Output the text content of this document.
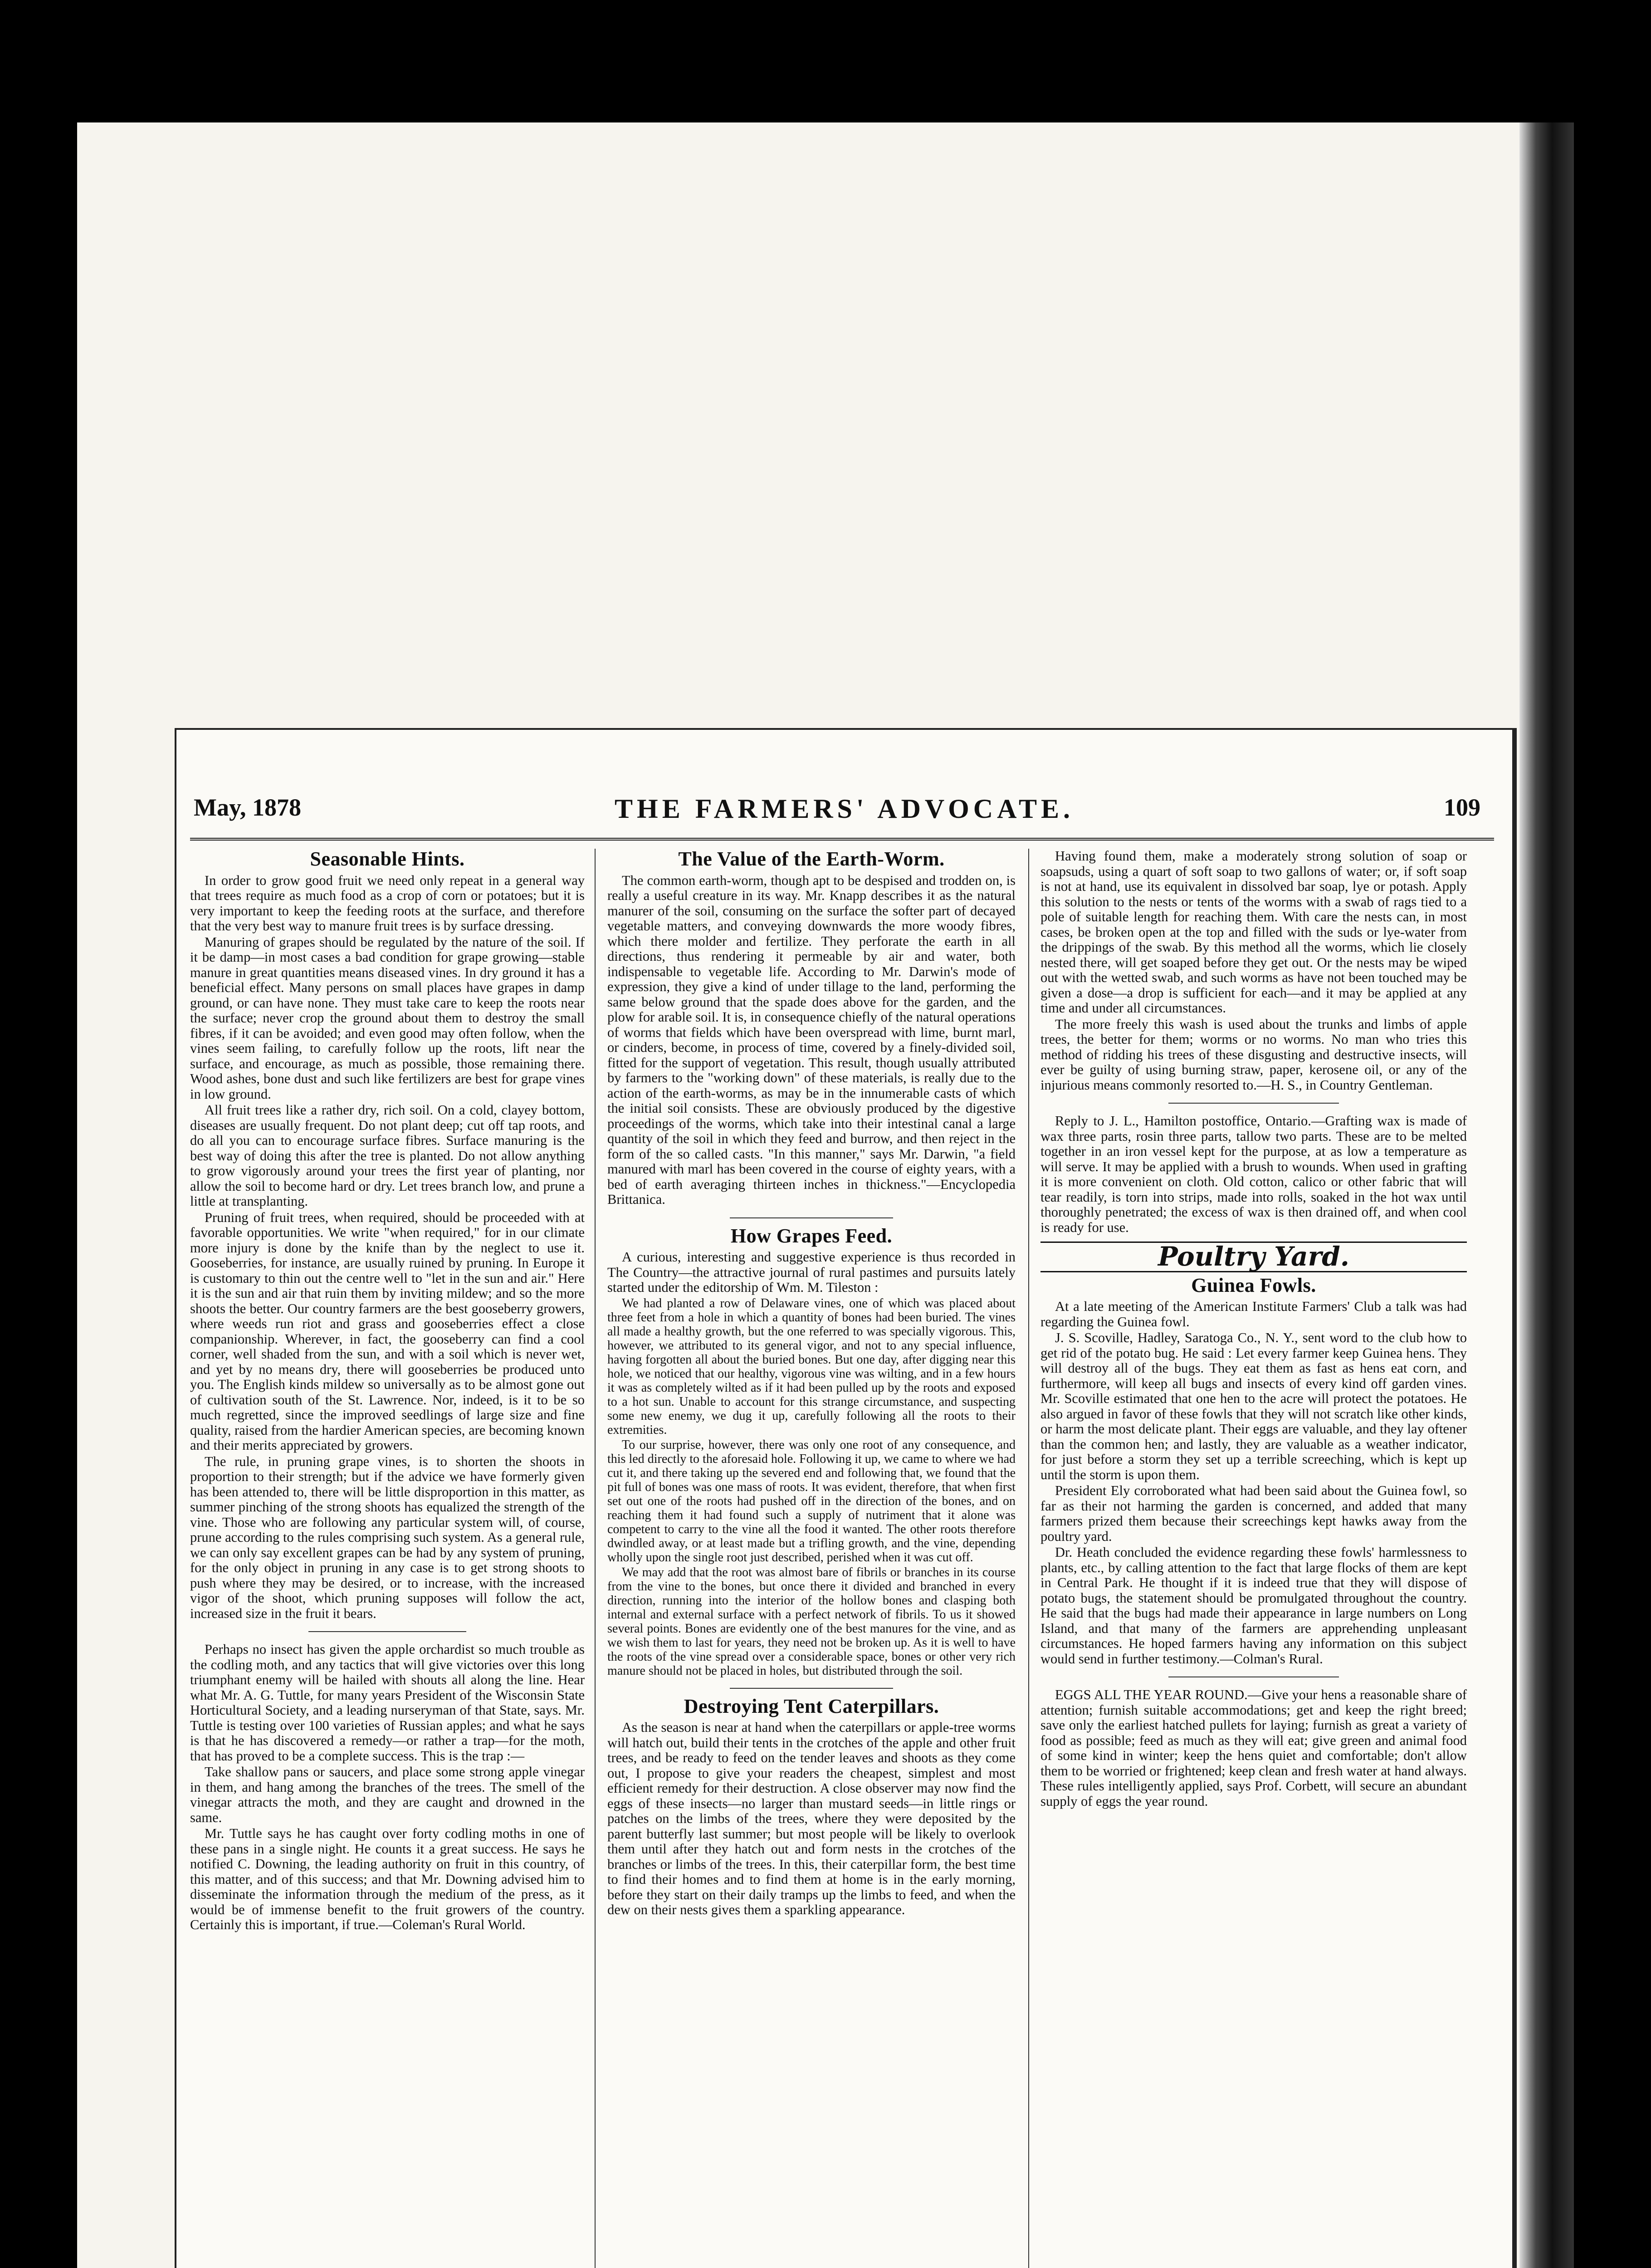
May, 1878	THE FARMERS' ADVOCATE.	109
Seasonable Hints.

In order to grow good fruit we need only repeat in a general way that trees require as much food as a crop of corn or potatoes; but it is very important to keep the feeding roots at the surface, and therefore that the very best way to manure fruit trees is by surface dressing.

Manuring of grapes should be regulated by the nature of the soil. If it be damp—in most cases a bad condition for grape growing—stable manure in great quantities means diseased vines. In dry ground it has a beneficial effect. Many persons on small places have grapes in damp ground, or can have none. They must take care to keep the roots near the surface; never crop the ground about them to destroy the small fibres, if it can be avoided; and even good may often follow, when the vines seem failing, to carefully follow up the roots, lift near the surface, and encourage, as much as possible, those remaining there. Wood ashes, bone dust and such like fertilizers are best for grape vines in low ground.

All fruit trees like a rather dry, rich soil. On a cold, clayey bottom, diseases are usually frequent. Do not plant deep; cut off tap roots, and do all you can to encourage surface fibres. Surface manuring is the best way of doing this after the tree is planted. Do not allow anything to grow vigorously around your trees the first year of planting, nor allow the soil to become hard or dry. Let trees branch low, and prune a little at transplanting.

Pruning of fruit trees, when required, should be proceeded with at favorable opportunities. We write "when required," for in our climate more injury is done by the knife than by the neglect to use it. Gooseberries, for instance, are usually ruined by pruning. In Europe it is customary to thin out the centre well to "let in the sun and air." Here it is the sun and air that ruin them by inviting mildew; and so the more shoots the better. Our country farmers are the best gooseberry growers, where weeds run riot and grass and gooseberries effect a close companionship. Wherever, in fact, the gooseberry can find a cool corner, well shaded from the sun, and with a soil which is never wet, and yet by no means dry, there will gooseberries be produced unto you. The English kinds mildew so universally as to be almost gone out of cultivation south of the St. Lawrence. Nor, indeed, is it to be so much regretted, since the improved seedlings of large size and fine quality, raised from the hardier American species, are becoming known and their merits appreciated by growers.

The rule, in pruning grape vines, is to shorten the shoots in proportion to their strength; but if the advice we have formerly given has been attended to, there will be little disproportion in this matter, as summer pinching of the strong shoots has equalized the strength of the vine. Those who are following any particular system will, of course, prune according to the rules comprising such system. As a general rule, we can only say excellent grapes can be had by any system of pruning, for the only object in pruning in any case is to get strong shoots to push where they may be desired, or to increase, with the increased vigor of the shoot, which pruning supposes will follow the act, increased size in the fruit it bears.

Perhaps no insect has given the apple orchardist so much trouble as the codling moth, and any tactics that will give victories over this long triumphant enemy will be hailed with shouts all along the line. Hear what Mr. A. G. Tuttle, for many years President of the Wisconsin State Horticultural Society, and a leading nurseryman of that State, says. Mr. Tuttle is testing over 100 varieties of Russian apples; and what he says is that he has discovered a remedy—or rather a trap—for the moth, that has proved to be a complete success. This is the trap :—

Take shallow pans or saucers, and place some strong apple vinegar in them, and hang among the branches of the trees. The smell of the vinegar attracts the moth, and they are caught and drowned in the same.

Mr. Tuttle says he has caught over forty codling moths in one of these pans in a single night. He counts it a great success. He says he notified C. Downing, the leading authority on fruit in this country, of this matter, and of this success; and that Mr. Downing advised him to disseminate the information through the medium of the press, as it would be of immense benefit to the fruit growers of the country. Certainly this is important, if true.—Coleman's Rural World.

The Value of the Earth-Worm.

The common earth-worm, though apt to be despised and trodden on, is really a useful creature in its way. Mr. Knapp describes it as the natural manurer of the soil, consuming on the surface the softer part of decayed vegetable matters, and conveying downwards the more woody fibres, which there molder and fertilize. They perforate the earth in all directions, thus rendering it permeable by air and water, both indispensable to vegetable life. According to Mr. Darwin's mode of expression, they give a kind of under tillage to the land, performing the same below ground that the spade does above for the garden, and the plow for arable soil. It is, in consequence chiefly of the natural operations of worms that fields which have been overspread with lime, burnt marl, or cinders, become, in process of time, covered by a finely-divided soil, fitted for the support of vegetation. This result, though usually attributed by farmers to the "working down" of these materials, is really due to the action of the earth-worms, as may be in the innumerable casts of which the initial soil consists. These are obviously produced by the digestive proceedings of the worms, which take into their intestinal canal a large quantity of the soil in which they feed and burrow, and then reject in the form of the so called casts. "In this manner," says Mr. Darwin, "a field manured with marl has been covered in the course of eighty years, with a bed of earth averaging thirteen inches in thickness."—Encyclopedia Brittanica.

How Grapes Feed.

A curious, interesting and suggestive experience is thus recorded in The Country—the attractive journal of rural pastimes and pursuits lately started under the editorship of Wm. M. Tileston :

We had planted a row of Delaware vines, one of which was placed about three feet from a hole in which a quantity of bones had been buried. The vines all made a healthy growth, but the one referred to was specially vigorous. This, however, we attributed to its general vigor, and not to any special influence, having forgotten all about the buried bones. But one day, after digging near this hole, we noticed that our healthy, vigorous vine was wilting, and in a few hours it was as completely wilted as if it had been pulled up by the roots and exposed to a hot sun. Unable to account for this strange circumstance, and suspecting some new enemy, we dug it up, carefully following all the roots to their extremities.

To our surprise, however, there was only one root of any consequence, and this led directly to the aforesaid hole. Following it up, we came to where we had cut it, and there taking up the severed end and following that, we found that the pit full of bones was one mass of roots. It was evident, therefore, that when first set out one of the roots had pushed off in the direction of the bones, and on reaching them it had found such a supply of nutriment that it alone was competent to carry to the vine all the food it wanted. The other roots therefore dwindled away, or at least made but a trifling growth, and the vine, depending wholly upon the single root just described, perished when it was cut off.

We may add that the root was almost bare of fibrils or branches in its course from the vine to the bones, but once there it divided and branched in every direction, running into the interior of the hollow bones and clasping both internal and external surface with a perfect network of fibrils. To us it showed several points. Bones are evidently one of the best manures for the vine, and as we wish them to last for years, they need not be broken up. As it is well to have the roots of the vine spread over a considerable space, bones or other very rich manure should not be placed in holes, but distributed through the soil.

Destroying Tent Caterpillars.

As the season is near at hand when the caterpillars or apple-tree worms will hatch out, build their tents in the crotches of the apple and other fruit trees, and be ready to feed on the tender leaves and shoots as they come out, I propose to give your readers the cheapest, simplest and most efficient remedy for their destruction. A close observer may now find the eggs of these insects—no larger than mustard seeds—in little rings or patches on the limbs of the trees, where they were deposited by the parent butterfly last summer; but most people will be likely to overlook them until after they hatch out and form nests in the crotches of the branches or limbs of the trees. In this, their caterpillar form, the best time to find their homes and to find them at home is in the early morning, before they start on their daily tramps up the limbs to feed, and when the dew on their nests gives them a sparkling appearance.

Having found them, make a moderately strong solution of soap or soapsuds, using a quart of soft soap to two gallons of water; or, if soft soap is not at hand, use its equivalent in dissolved bar soap, lye or potash. Apply this solution to the nests or tents of the worms with a swab of rags tied to a pole of suitable length for reaching them. With care the nests can, in most cases, be broken open at the top and filled with the suds or lye-water from the drippings of the swab. By this method all the worms, which lie closely nested there, will get soaped before they get out. Or the nests may be wiped out with the wetted swab, and such worms as have not been touched may be given a dose—a drop is sufficient for each—and it may be applied at any time and under all circumstances.

The more freely this wash is used about the trunks and limbs of apple trees, the better for them; worms or no worms. No man who tries this method of ridding his trees of these disgusting and destructive insects, will ever be guilty of using burning straw, paper, kerosene oil, or any of the injurious means commonly resorted to.—H. S., in Country Gentleman.

Reply to J. L., Hamilton postoffice, Ontario.—Grafting wax is made of wax three parts, rosin three parts, tallow two parts. These are to be melted together in an iron vessel kept for the purpose, at as low a temperature as will serve. It may be applied with a brush to wounds. When used in grafting it is more convenient on cloth. Old cotton, calico or other fabric that will tear readily, is torn into strips, made into rolls, soaked in the hot wax until thoroughly penetrated; the excess of wax is then drained off, and when cool is ready for use.

Poultry Yard.
Guinea Fowls.

At a late meeting of the American Institute Farmers' Club a talk was had regarding the Guinea fowl.

J. S. Scoville, Hadley, Saratoga Co., N. Y., sent word to the club how to get rid of the potato bug. He said : Let every farmer keep Guinea hens. They will destroy all of the bugs. They eat them as fast as hens eat corn, and furthermore, will keep all bugs and insects of every kind off garden vines. Mr. Scoville estimated that one hen to the acre will protect the potatoes. He also argued in favor of these fowls that they will not scratch like other kinds, or harm the most delicate plant. Their eggs are valuable, and they lay oftener than the common hen; and lastly, they are valuable as a weather indicator, for just before a storm they set up a terrible screeching, which is kept up until the storm is upon them.

President Ely corroborated what had been said about the Guinea fowl, so far as their not harming the garden is concerned, and added that many farmers prized them because their screechings kept hawks away from the poultry yard.

Dr. Heath concluded the evidence regarding these fowls' harmlessness to plants, etc., by calling attention to the fact that large flocks of them are kept in Central Park. He thought if it is indeed true that they will dispose of potato bugs, the statement should be promulgated throughout the country. He said that the bugs had made their appearance in large numbers on Long Island, and that many of the farmers are apprehending unpleasant circumstances. He hoped farmers having any information on this subject would send in further testimony.—Colman's Rural.

EGGS ALL THE YEAR ROUND.—Give your hens a reasonable share of attention; furnish suitable accommodations; get and keep the right breed; save only the earliest hatched pullets for laying; furnish as great a variety of food as possible; feed as much as they will eat; give green and animal food of some kind in winter; keep the hens quiet and comfortable; don't allow them to be worried or frightened; keep clean and fresh water at hand always. These rules intelligently applied, says Prof. Corbett, will secure an abundant supply of eggs the year round.
